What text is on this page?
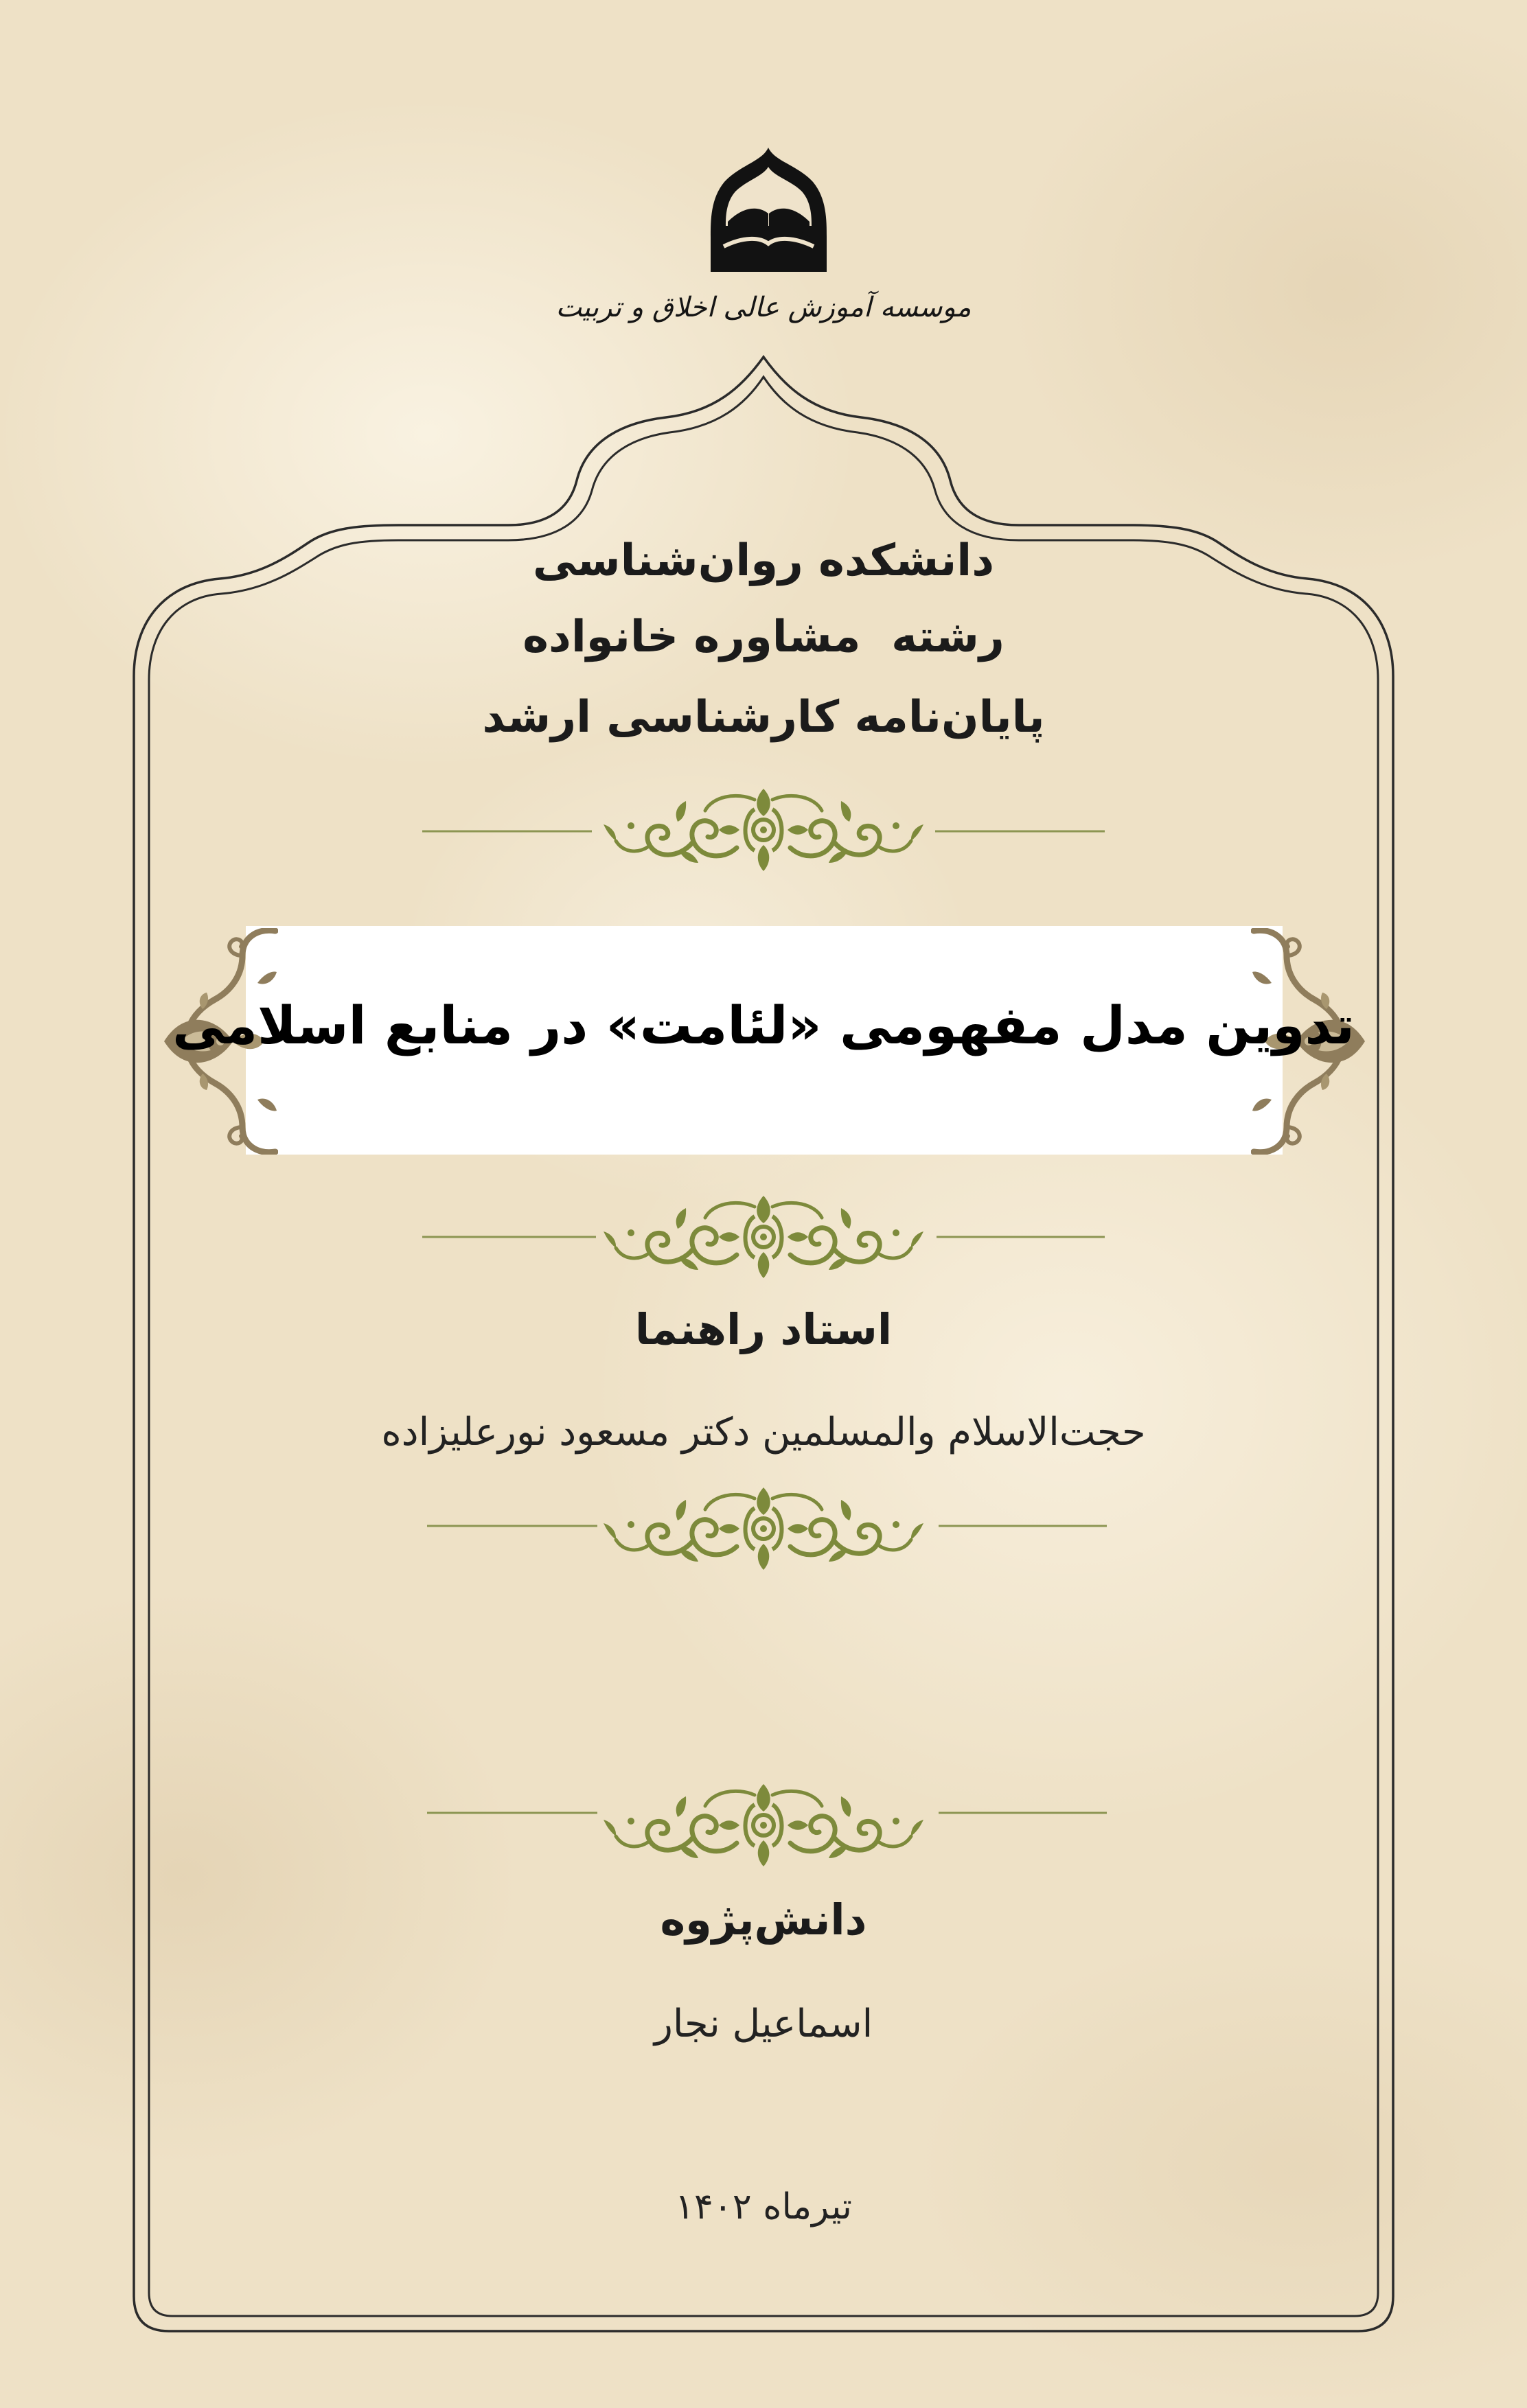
موسسه آموزش عالی اخلاق و تربیت
دانشکده روان‌شناسی
رشته  مشاوره خانواده
پایان‌نامه کارشناسی ارشد
تدوین مدل مفهومی «لئامت» در منابع اسلامی
استاد راهنما
حجت‌الاسلام والمسلمین دکتر مسعود نورعلیزاده
دانش‌پژوه
اسماعیل نجار
تیرماه ۱۴۰۲
